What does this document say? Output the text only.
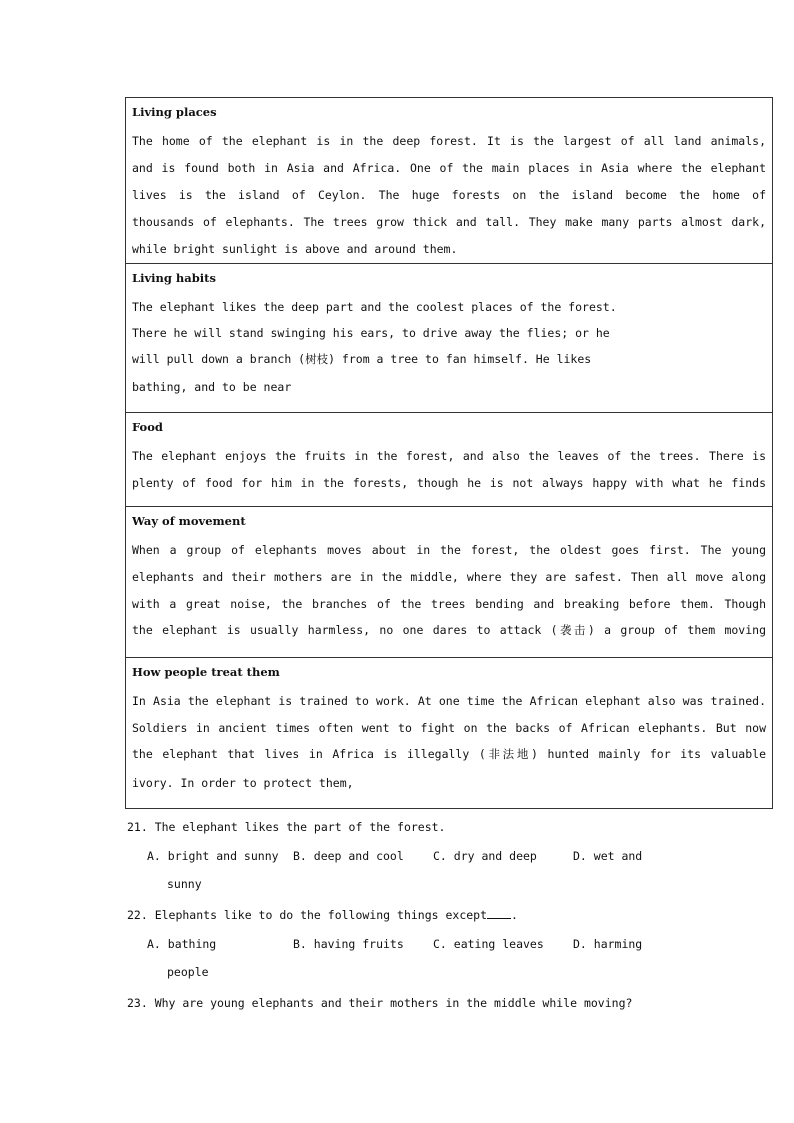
Living places
The home of the elephant is in the deep forest. It is the largest of all land animals,
and is found both in Asia and Africa. One of the main places in Asia where the elephant
lives is the island of Ceylon. The huge forests on the island become the home of
thousands of elephants. The trees grow thick and tall. They make many parts almost dark,
while bright sunlight is above and around them.

Living habits
The elephant likes the deep part and the coolest places of the forest.
There he will stand swinging his ears, to drive away the flies; or he
will pull down a branch (树枝) from a tree to fan himself. He likes
bathing, and to be near

Food
The elephant enjoys the fruits in the forest, and also the leaves of the trees. There is
plenty of food for him in the forests, though he is not always happy with what he finds

Way of movement
When a group of elephants moves about in the forest, the oldest goes first. The young
elephants and their mothers are in the middle, where they are safest. Then all move along
with a great noise, the branches of the trees bending and breaking before them. Though
the elephant is usually harmless, no one dares to attack (袭击) a group of them moving

How people treat them
In Asia the elephant is trained to work. At one time the African elephant also was trained.
Soldiers in ancient times often went to fight on the backs of African elephants. But now
the elephant that lives in Africa is illegally (非法地) hunted mainly for its valuable
ivory. In order to protect them,
21. The elephant likes the part of the forest.
A. bright and sunny B. deep and cool	C. dry and deep	D. wet and
sunny
22. Elephants like to do the following things except .
A. bathing	B. having fruits	C. eating leaves	D. harming
people
23. Why are young elephants and their mothers in the middle while moving?
